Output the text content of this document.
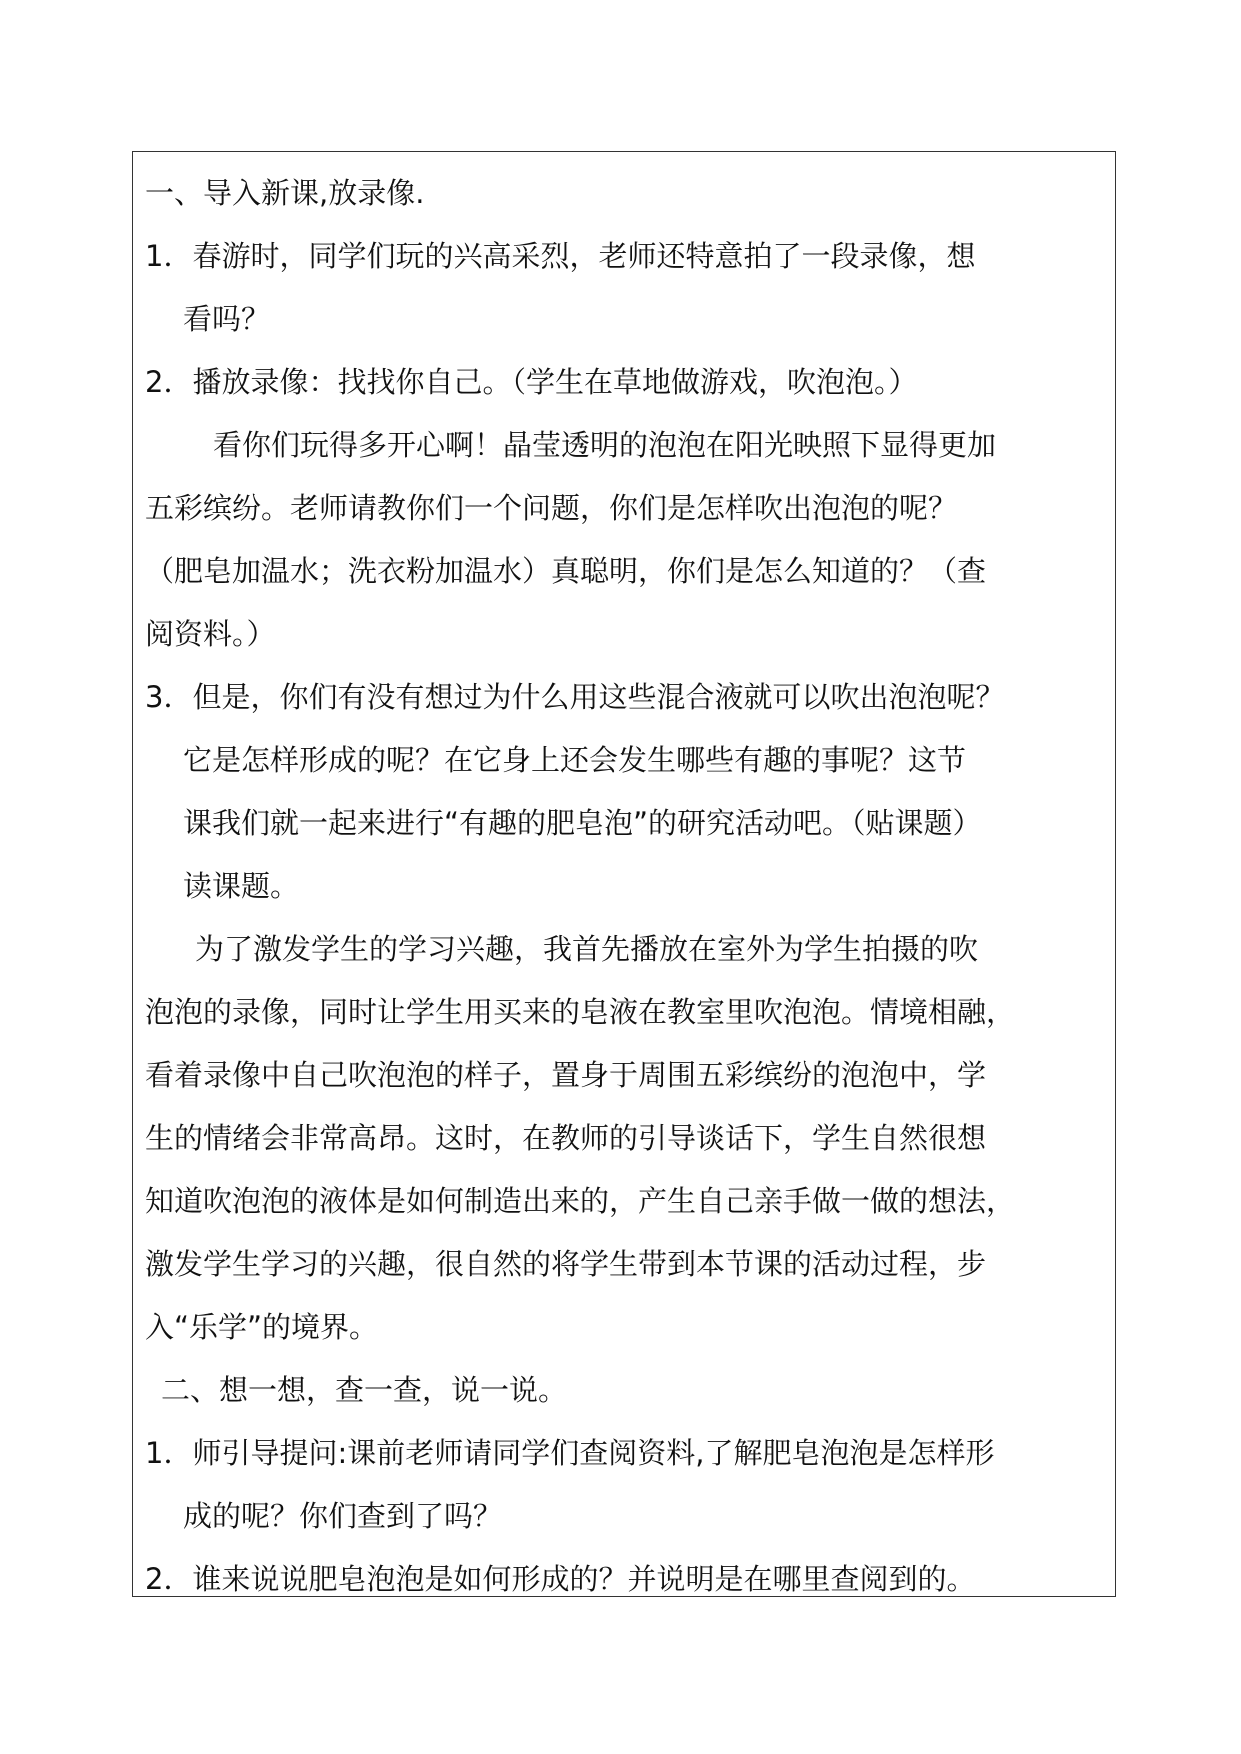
一、导入新课,放录像.
1．春游时，同学们玩的兴高采烈，老师还特意拍了一段录像，想
看吗？
2．播放录像：找找你自己。（学生在草地做游戏，吹泡泡。）
看你们玩得多开心啊！晶莹透明的泡泡在阳光映照下显得更加
五彩缤纷。老师请教你们一个问题，你们是怎样吹出泡泡的呢？
（肥皂加温水；洗衣粉加温水）真聪明，你们是怎么知道的？（查
阅资料。）
3．但是，你们有没有想过为什么用这些混合液就可以吹出泡泡呢？
它是怎样形成的呢？在它身上还会发生哪些有趣的事呢？这节
课我们就一起来进行“有趣的肥皂泡”的研究活动吧。（贴课题）
读课题。
为了激发学生的学习兴趣，我首先播放在室外为学生拍摄的吹
泡泡的录像，同时让学生用买来的皂液在教室里吹泡泡。情境相融，
看着录像中自己吹泡泡的样子，置身于周围五彩缤纷的泡泡中，学
生的情绪会非常高昂。这时，在教师的引导谈话下，学生自然很想
知道吹泡泡的液体是如何制造出来的，产生自己亲手做一做的想法，
激发学生学习的兴趣，很自然的将学生带到本节课的活动过程，步
入“乐学”的境界。
二、想一想，查一查，说一说。
1．师引导提问:课前老师请同学们查阅资料,了解肥皂泡泡是怎样形
成的呢？你们查到了吗？
2．谁来说说肥皂泡泡是如何形成的？并说明是在哪里查阅到的。
